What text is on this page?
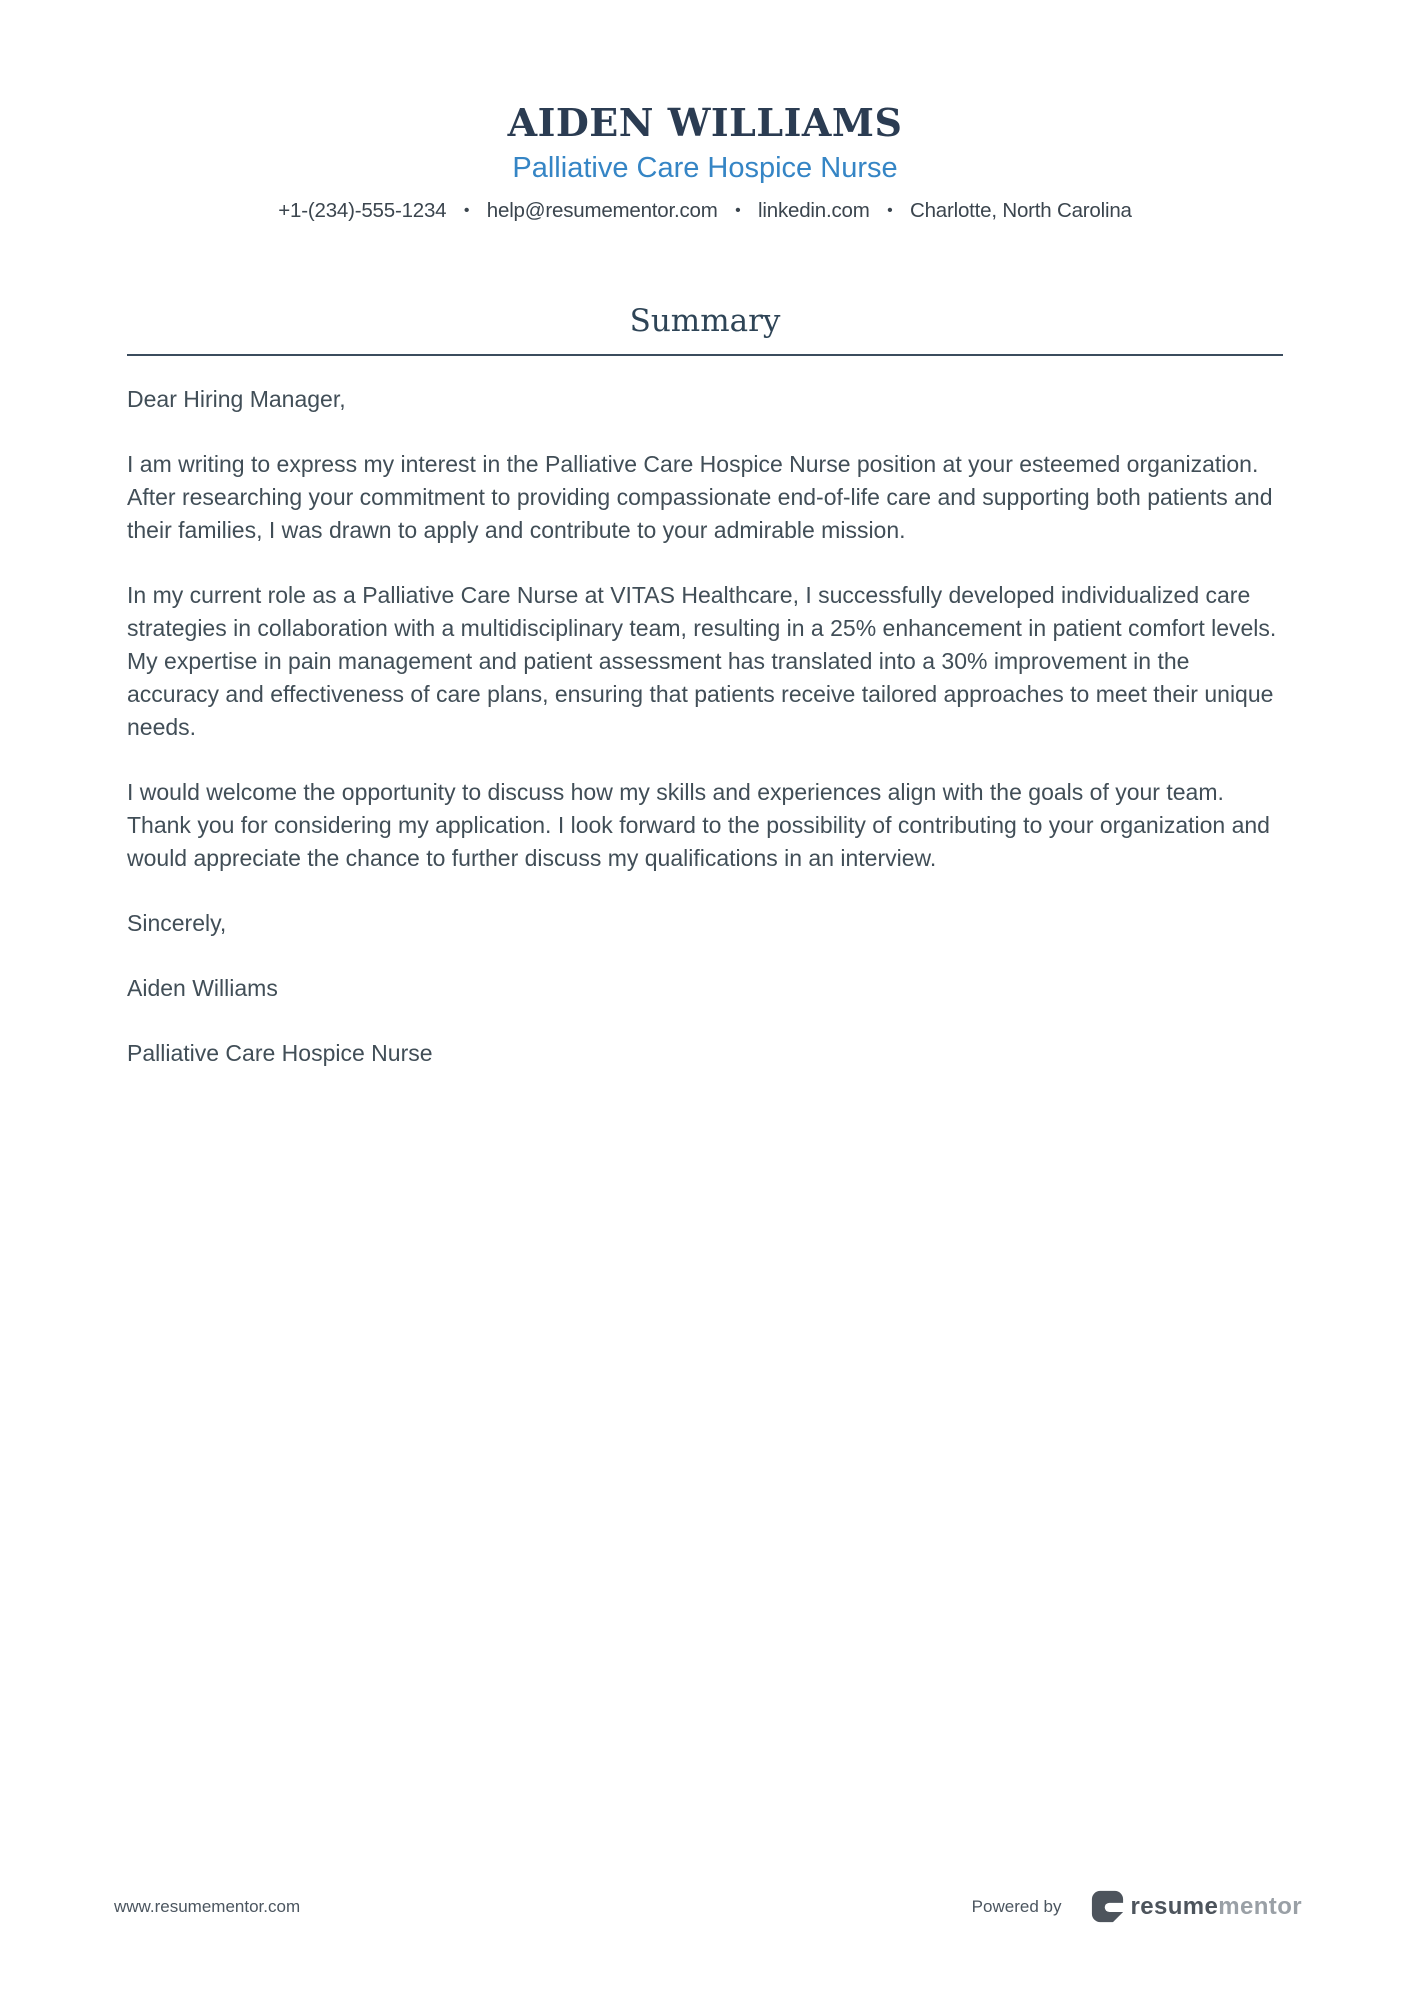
AIDEN WILLIAMS
Palliative Care Hospice Nurse
+1-(234)-555-1234 • help@resumementor.com • linkedin.com • Charlotte, North Carolina
Summary

Dear Hiring Manager,

I am writing to express my interest in the Palliative Care Hospice Nurse position at your esteemed organization. After researching your commitment to providing compassionate end-of-life care and supporting both patients and their families, I was drawn to apply and contribute to your admirable mission.

In my current role as a Palliative Care Nurse at VITAS Healthcare, I successfully developed individualized care strategies in collaboration with a multidisciplinary team, resulting in a 25% enhancement in patient comfort levels. My expertise in pain management and patient assessment has translated into a 30% improvement in the accuracy and effectiveness of care plans, ensuring that patients receive tailored approaches to meet their unique needs.

I would welcome the opportunity to discuss how my skills and experiences align with the goals of your team. Thank you for considering my application. I look forward to the possibility of contributing to your organization and would appreciate the chance to further discuss my qualifications in an interview.

Sincerely,

Aiden Williams

Palliative Care Hospice Nurse

www.resumementor.com	Powered by	resumementor
